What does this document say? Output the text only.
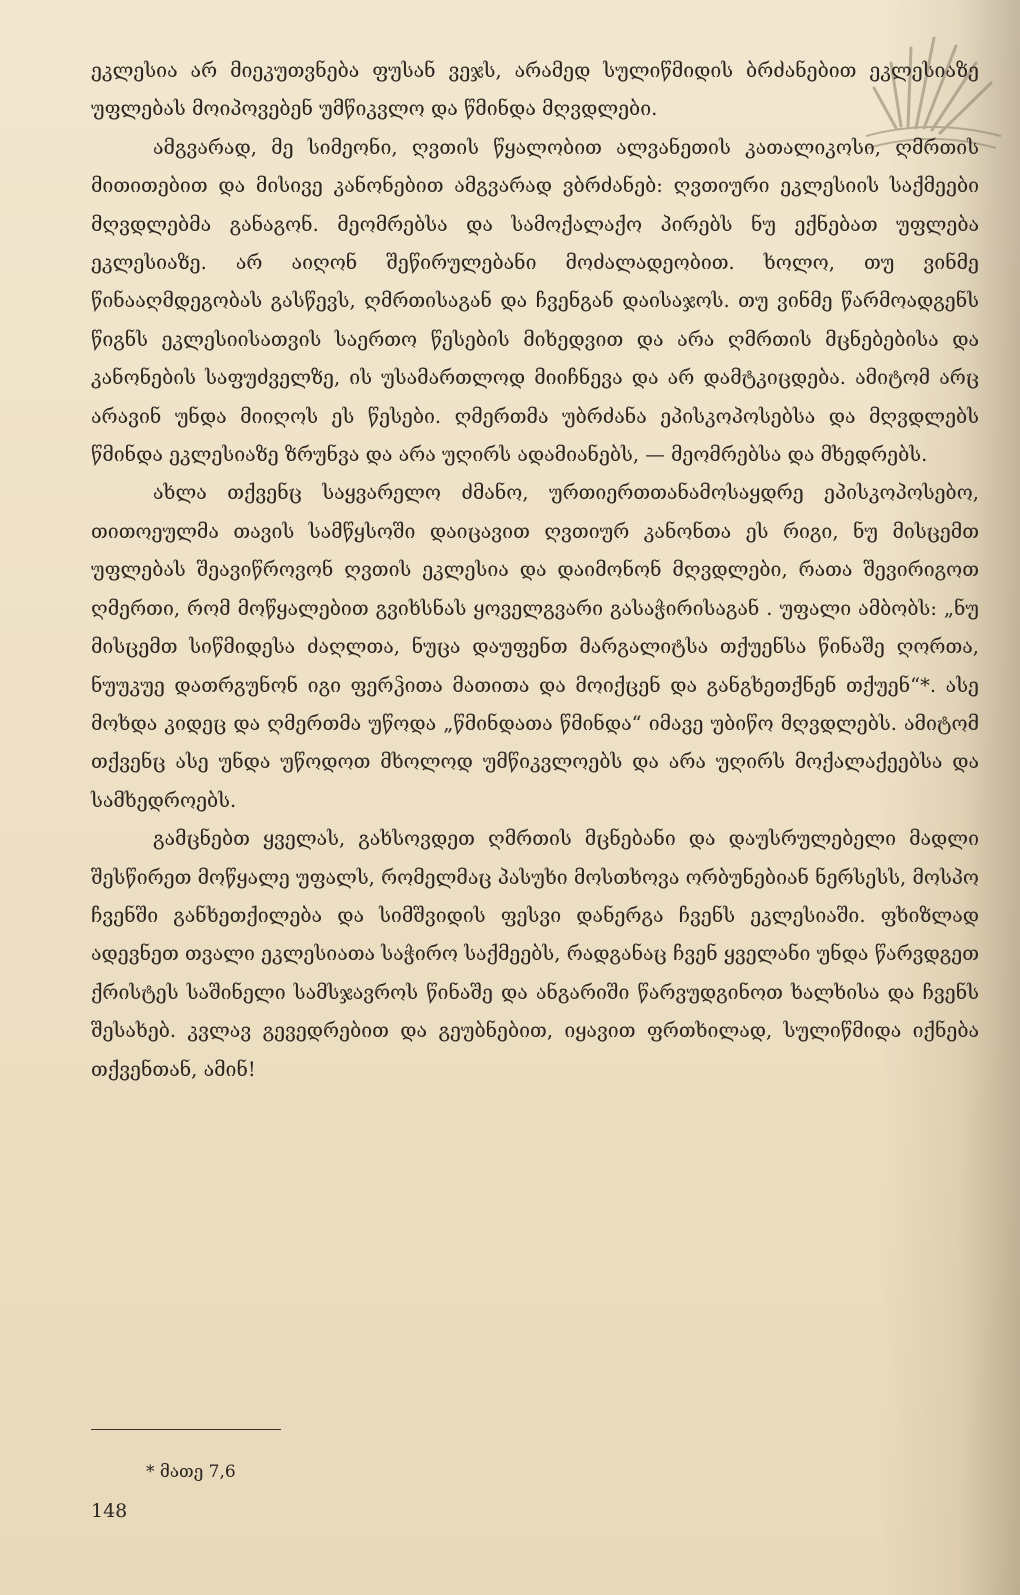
ეკლესია არ მიეკუთვნება ფუსან ვეჯს, არამედ სულიწმიდის ბრძანებით ეკლესიაზე უფლებას მოიპოვებენ უმწიკვლო და წმინდა მღვდლები.

ამგვარად, მე სიმეონი, ღვთის წყალობით ალვანეთის კათალიკოსი, ღმრთის მითითებით და მისივე კანონებით ამგვარად ვბრძანებ: ღვთიური ეკლესიის საქმეები მღვდლებმა განაგონ. მეომრებსა და სამოქალაქო პირებს ნუ ექნებათ უფლება ეკლესიაზე. არ აიღონ შეწირულებანი მოძალადეობით. ხოლო, თუ ვინმე წინააღმდეგობას გასწევს, ღმრთისაგან და ჩვენგან დაისაჯოს. თუ ვინმე წარმოადგენს წიგნს ეკლესიისათვის საერთო წესების მიხედვით და არა ღმრთის მცნებებისა და კანონების საფუძველზე, ის უსამართლოდ მიიჩნევა და არ დამტკიცდება. ამიტომ არც არავინ უნდა მიიღოს ეს წესები. ღმერთმა უბრძანა ეპისკოპოსებსა და მღვდლებს წმინდა ეკლესიაზე ზრუნვა და არა უღირს ადამიანებს, — მეომრებსა და მხედრებს.

ახლა თქვენც საყვარელო ძმანო, ურთიერთთანამოსაყდრე ეპისკოპოსებო, თითოეულმა თავის სამწყსოში დაიცავით ღვთიურ კანონთა ეს რიგი, ნუ მისცემთ უფლებას შეავიწროვონ ღვთის ეკლესია და დაიმონონ მღვდლები, რათა შევირიგოთ ღმერთი, რომ მოწყალებით გვიხსნას ყოველგვარი გასაჭირისაგან . უფალი ამბობს: „ნუ მისცემთ სიწმიდესა ძაღლთა, ნუცა დაუფენთ მარგალიტსა თქუენსა წინაშე ღორთა, ნუუკუე დათრგუნონ იგი ფერჴითა მათითა და მოიქცენ და განგხეთქნენ თქუენ“*. ასე მოხდა კიდეც და ღმერთმა უწოდა „წმინდათა წმინდა“ იმავე უბიწო მღვდლებს. ამიტომ თქვენც ასე უნდა უწოდოთ მხოლოდ უმწიკვლოებს და არა უღირს მოქალაქეებსა და სამხედროებს.

გამცნებთ ყველას, გახსოვდეთ ღმრთის მცნებანი და დაუსრულებელი მადლი შესწირეთ მოწყალე უფალს, რომელმაც პასუხი მოსთხოვა ორბუნებიან ნერსესს, მოსპო ჩვენში განხეთქილება და სიმშვიდის ფესვი დანერგა ჩვენს ეკლესიაში. ფხიზლად ადევნეთ თვალი ეკლესიათა საჭირო საქმეებს, რადგანაც ჩვენ ყველანი უნდა წარვდგეთ ქრისტეს საშინელი სამსჯავროს წინაშე და ანგარიში წარვუდგინოთ ხალხისა და ჩვენს შესახებ. კვლავ გევედრებით და გეუბნებით, იყავით ფრთხილად, სულიწმიდა იქნება თქვენთან, ამინ!

* მათე 7,6
148
